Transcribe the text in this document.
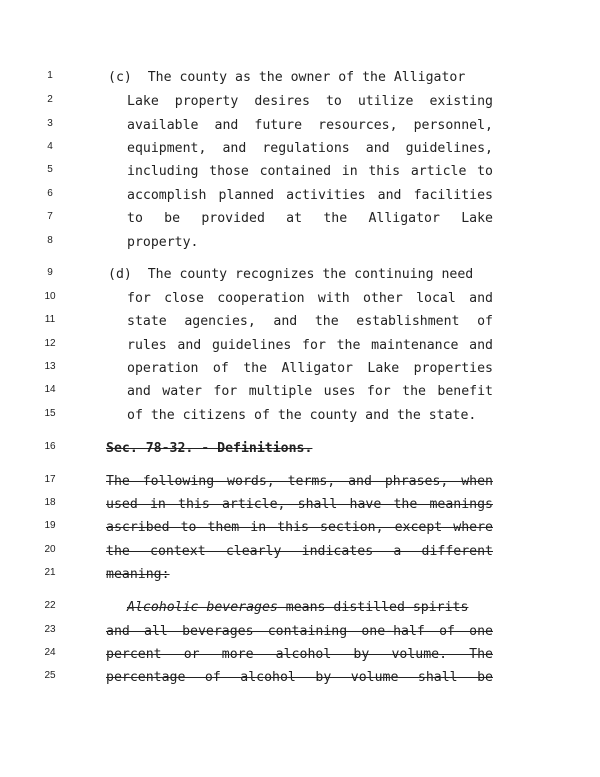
1
2
3
4
5
6
7
8
9
10
11
12
13
14
15
16
17
18
19
20
21
22
23
24
25
(c)  The county as the owner of the Alligator
Lake property desires to utilize existing
available and future resources, personnel,
equipment, and regulations and guidelines,
including those contained in this article to
accomplish planned activities and facilities
to be provided at the Alligator Lake
property.
(d)  The county recognizes the continuing need
for close cooperation with other local and
state agencies, and the establishment of
rules and guidelines for the maintenance and
operation of the Alligator Lake properties
and water for multiple uses for the benefit
of the citizens of the county and the state.
Sec. 78-32. - Definitions.
The following words, terms, and phrases, when
used in this article, shall have the meanings
ascribed to them in this section, except where
the context clearly indicates a different
meaning:
Alcoholic beverages means distilled spirits
and all beverages containing one-half of one
percent or more alcohol by volume. The
percentage of alcohol by volume shall be
